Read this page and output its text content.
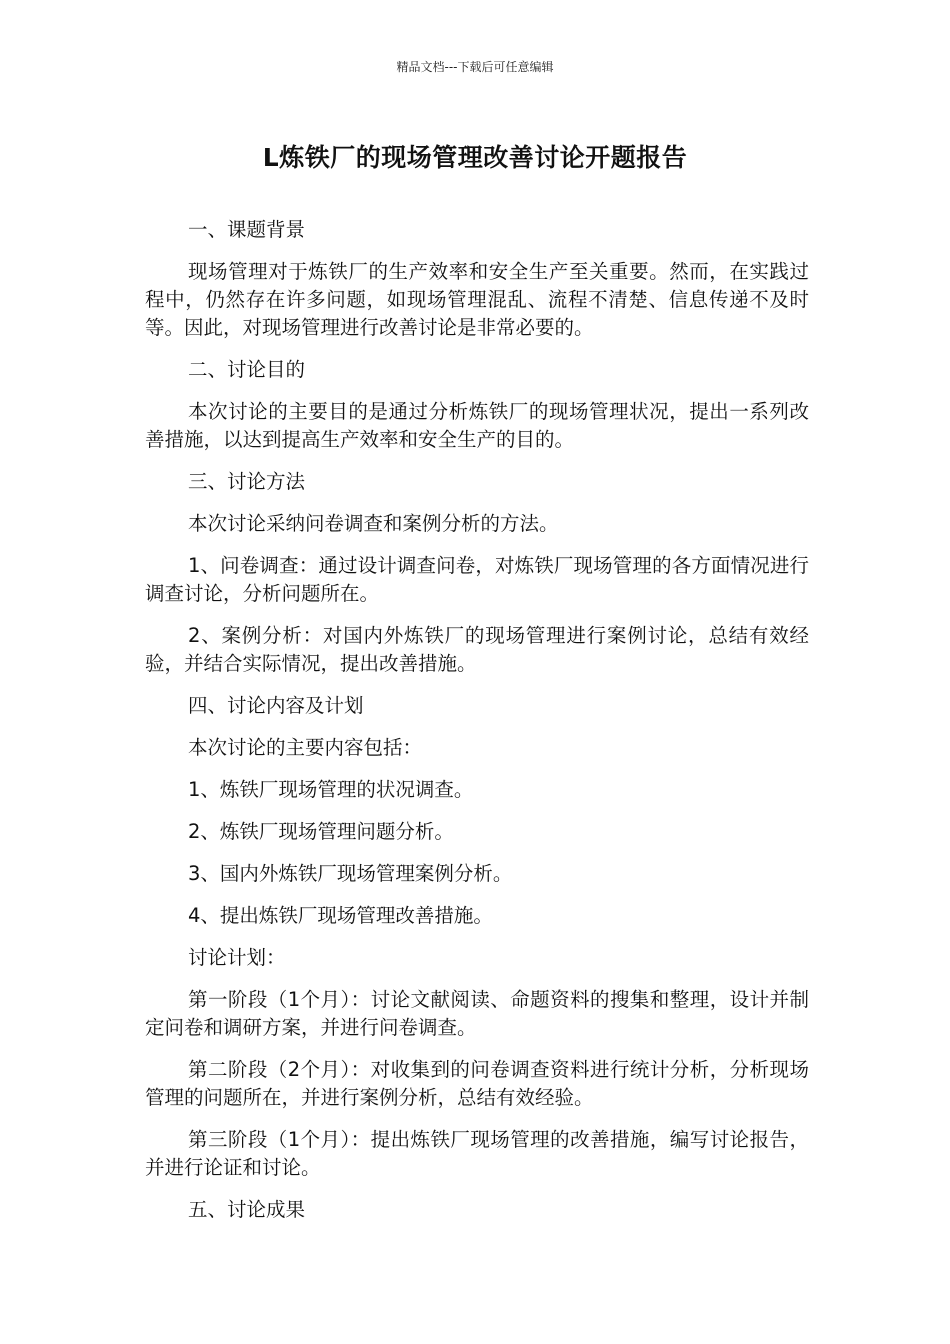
精品文档---下载后可任意编辑
L炼铁厂的现场管理改善讨论开题报告

一、课题背景

现场管理对于炼铁厂的生产效率和安全生产至关重要。然而，在实践过程中，仍然存在许多问题，如现场管理混乱、流程不清楚、信息传递不及时等。因此，对现场管理进行改善讨论是非常必要的。

二、讨论目的

本次讨论的主要目的是通过分析炼铁厂的现场管理状况，提出一系列改善措施，以达到提高生产效率和安全生产的目的。

三、讨论方法

本次讨论采纳问卷调查和案例分析的方法。

1、问卷调查：通过设计调查问卷，对炼铁厂现场管理的各方面情况进行调查讨论，分析问题所在。

2、案例分析：对国内外炼铁厂的现场管理进行案例讨论，总结有效经验，并结合实际情况，提出改善措施。

四、讨论内容及计划

本次讨论的主要内容包括：

1、炼铁厂现场管理的状况调查。

2、炼铁厂现场管理问题分析。

3、国内外炼铁厂现场管理案例分析。

4、提出炼铁厂现场管理改善措施。

讨论计划：

第一阶段（1个月）：讨论文献阅读、命题资料的搜集和整理，设计并制定问卷和调研方案，并进行问卷调查。

第二阶段（2个月）：对收集到的问卷调查资料进行统计分析，分析现场管理的问题所在，并进行案例分析，总结有效经验。

第三阶段（1个月）：提出炼铁厂现场管理的改善措施，编写讨论报告，并进行论证和讨论。

五、讨论成果
